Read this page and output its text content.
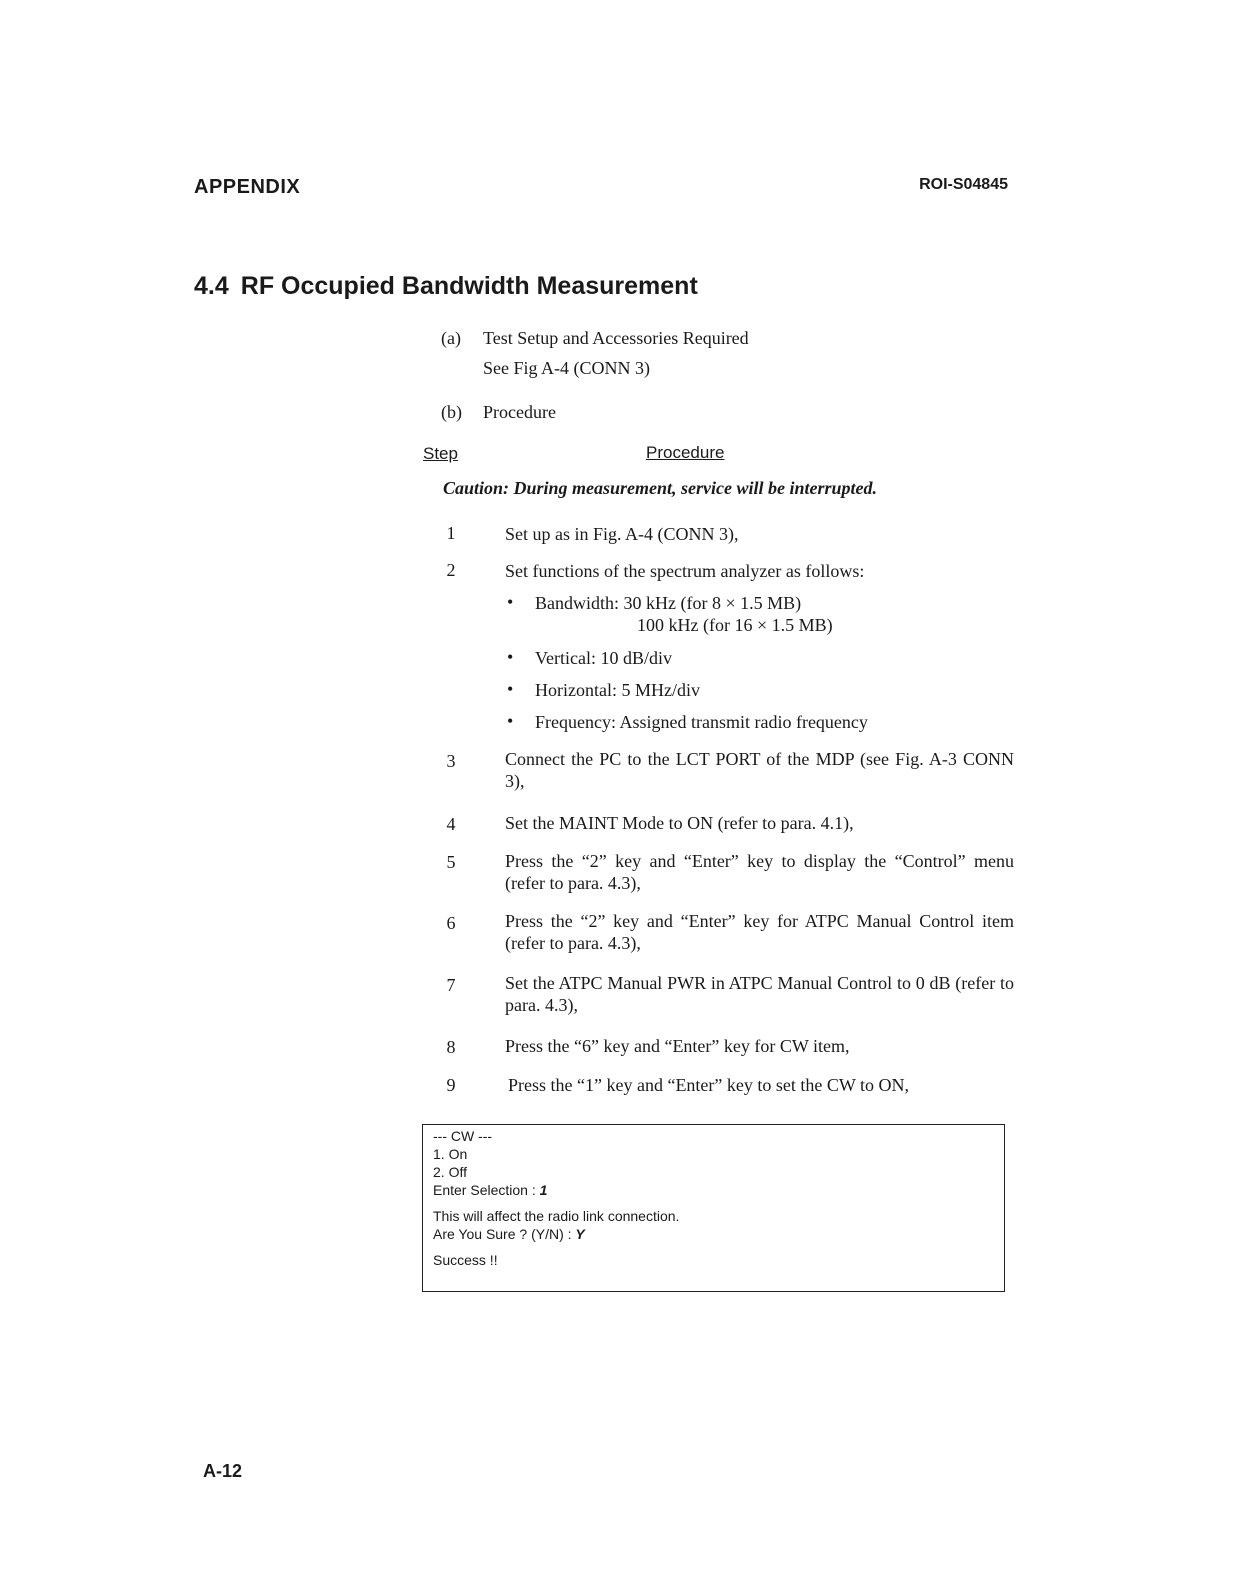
APPENDIX	ROI-S04845
4.4 RF Occupied Bandwidth Measurement
(a) Test Setup and Accessories Required
See Fig A-4 (CONN 3)
(b) Procedure
Step	Procedure
Caution: During measurement, service will be interrupted.
1	Set up as in Fig. A-4 (CONN 3),
2	Set functions of the spectrum analyzer as follows:
• Bandwidth: 30 kHz (for 8 × 1.5 MB)
100 kHz (for 16 × 1.5 MB)
• Vertical: 10 dB/div
• Horizontal: 5 MHz/div
• Frequency: Assigned transmit radio frequency
3	Connect the PC to the LCT PORT of the MDP (see Fig. A-3 CONN 3),
4	Set the MAINT Mode to ON (refer to para. 4.1),
5	Press the “2” key and “Enter” key to display the “Control” menu (refer to para. 4.3),
6	Press the “2” key and “Enter” key for ATPC Manual Control item (refer to para. 4.3),
7	Set the ATPC Manual PWR in ATPC Manual Control to 0 dB (refer to para. 4.3),
8	Press the “6” key and “Enter” key for CW item,
9	Press the “1” key and “Enter” key to set the CW to ON,
--- CW ---
1. On
2. Off
Enter Selection : 1
This will affect the radio link connection.
Are You Sure ? (Y/N) : Y
Success !!
A-12
